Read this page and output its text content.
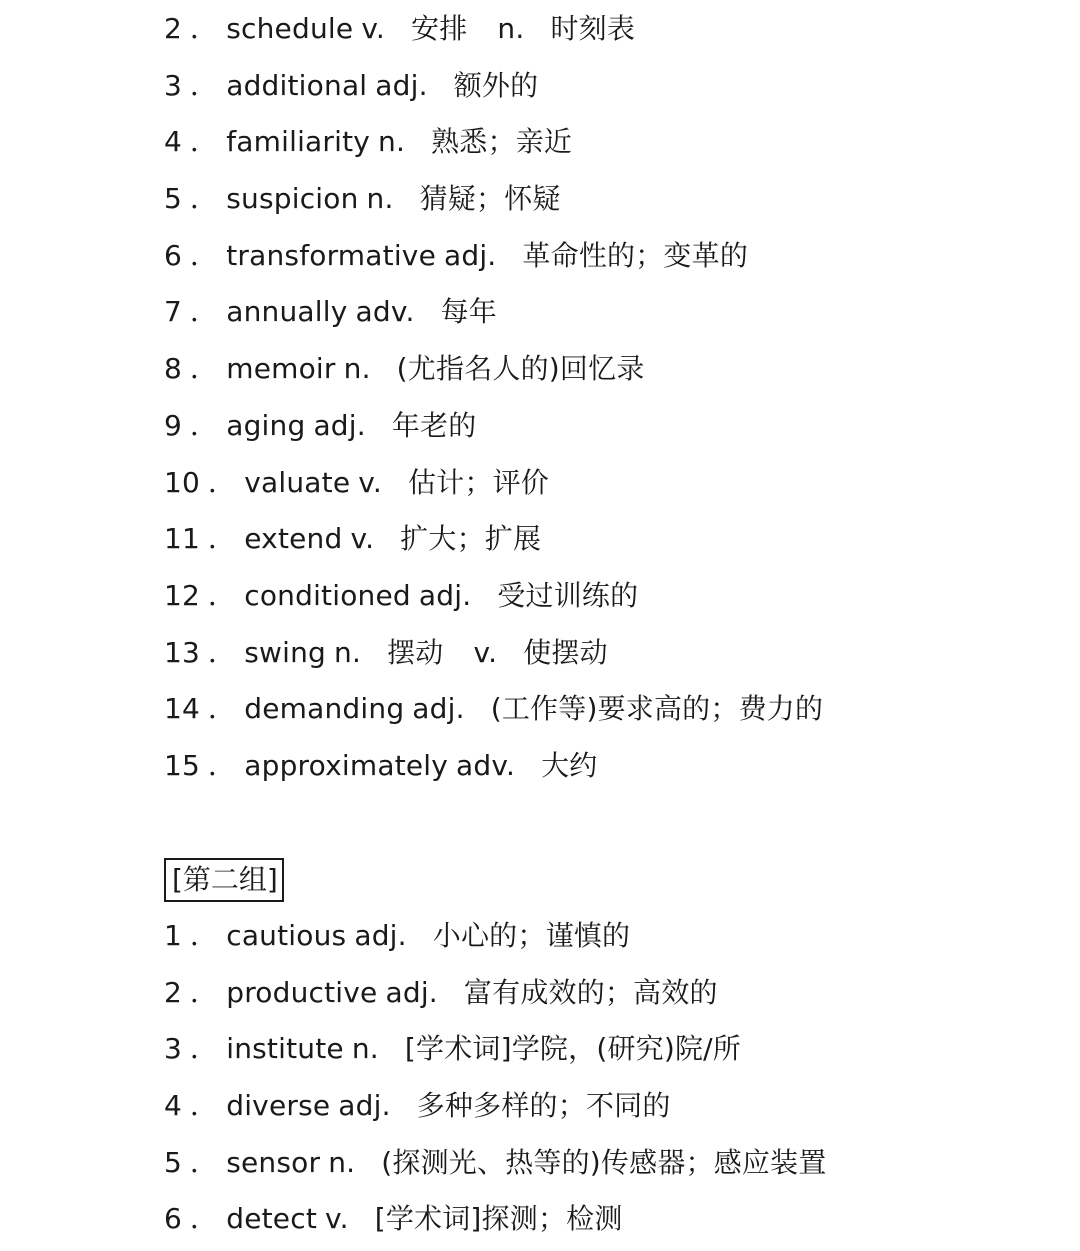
2 ． schedule v. 安排 n. 时刻表
3 ． additional adj. 额外的
4 ． familiarity n. 熟悉；亲近
5 ． suspicion n. 猜疑；怀疑
6 ． transformative adj. 革命性的；变革的
7 ． annually adv. 每年
8 ． memoir n. (尤指名人的)回忆录
9 ． aging adj. 年老的
10 ． valuate v. 估计；评价
11 ． extend v. 扩大；扩展
12 ． conditioned adj. 受过训练的
13 ． swing n. 摆动 v. 使摆动
14 ． demanding adj. (工作等)要求高的；费力的
15 ． approximately adv. 大约
[第二组]
1 ． cautious adj. 小心的；谨慎的
2 ． productive adj. 富有成效的；高效的
3 ． institute n. [学术词]学院，(研究)院/所
4 ． diverse adj. 多种多样的；不同的
5 ． sensor n. (探测光、热等的)传感器；感应装置
6 ． detect v. [学术词]探测；检测
